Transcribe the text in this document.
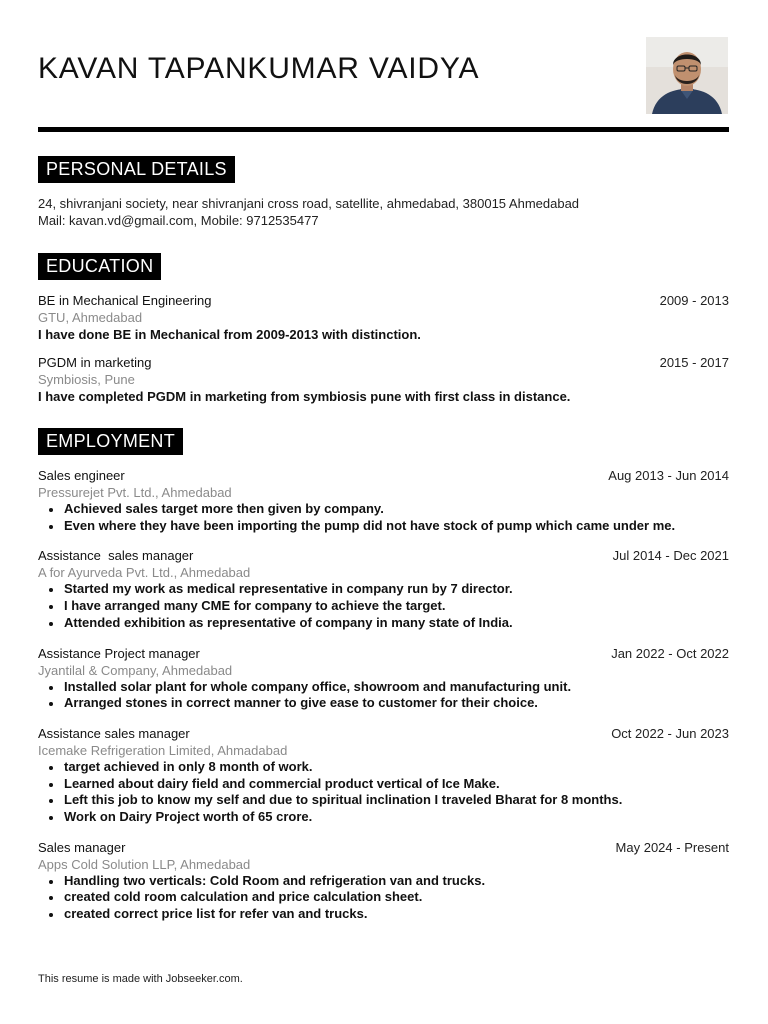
KAVAN TAPANKUMAR VAIDYA
PERSONAL DETAILS
24, shivranjani society, near shivranjani cross road, satellite, ahmedabad, 380015 Ahmedabad
Mail: kavan.vd@gmail.com, Mobile: 9712535477
EDUCATION
BE in Mechanical Engineering	2009 - 2013
GTU, Ahmedabad
I have done BE in Mechanical from 2009-2013 with distinction.
PGDM in marketing	2015 - 2017
Symbiosis, Pune
I have completed PGDM in marketing from symbiosis pune with first class in distance.
EMPLOYMENT
Sales engineer	Aug 2013 - Jun 2014
Pressurejet Pvt. Ltd., Ahmedabad
Achieved sales target more then given by company.
Even where they have been importing the pump did not have stock of pump which came under me.
Assistance  sales manager	Jul 2014 - Dec 2021
A for Ayurveda Pvt. Ltd., Ahmedabad
Started my work as medical representative in company run by 7 director.
I have arranged many CME for company to achieve the target.
Attended exhibition as representative of company in many state of India.
Assistance Project manager	Jan 2022 - Oct 2022
Jyantilal & Company, Ahmedabad
Installed solar plant for whole company office, showroom and manufacturing unit.
Arranged stones in correct manner to give ease to customer for their choice.
Assistance sales manager	Oct 2022 - Jun 2023
Icemake Refrigeration Limited, Ahmadabad
target achieved in only 8 month of work.
Learned about dairy field and commercial product vertical of Ice Make.
Left this job to know my self and due to spiritual inclination I traveled Bharat for 8 months.
Work on Dairy Project worth of 65 crore.
Sales manager	May 2024 - Present
Apps Cold Solution LLP, Ahmedabad
Handling two verticals: Cold Room and refrigeration van and trucks.
created cold room calculation and price calculation sheet.
created correct price list for refer van and trucks.
This resume is made with Jobseeker.com.
